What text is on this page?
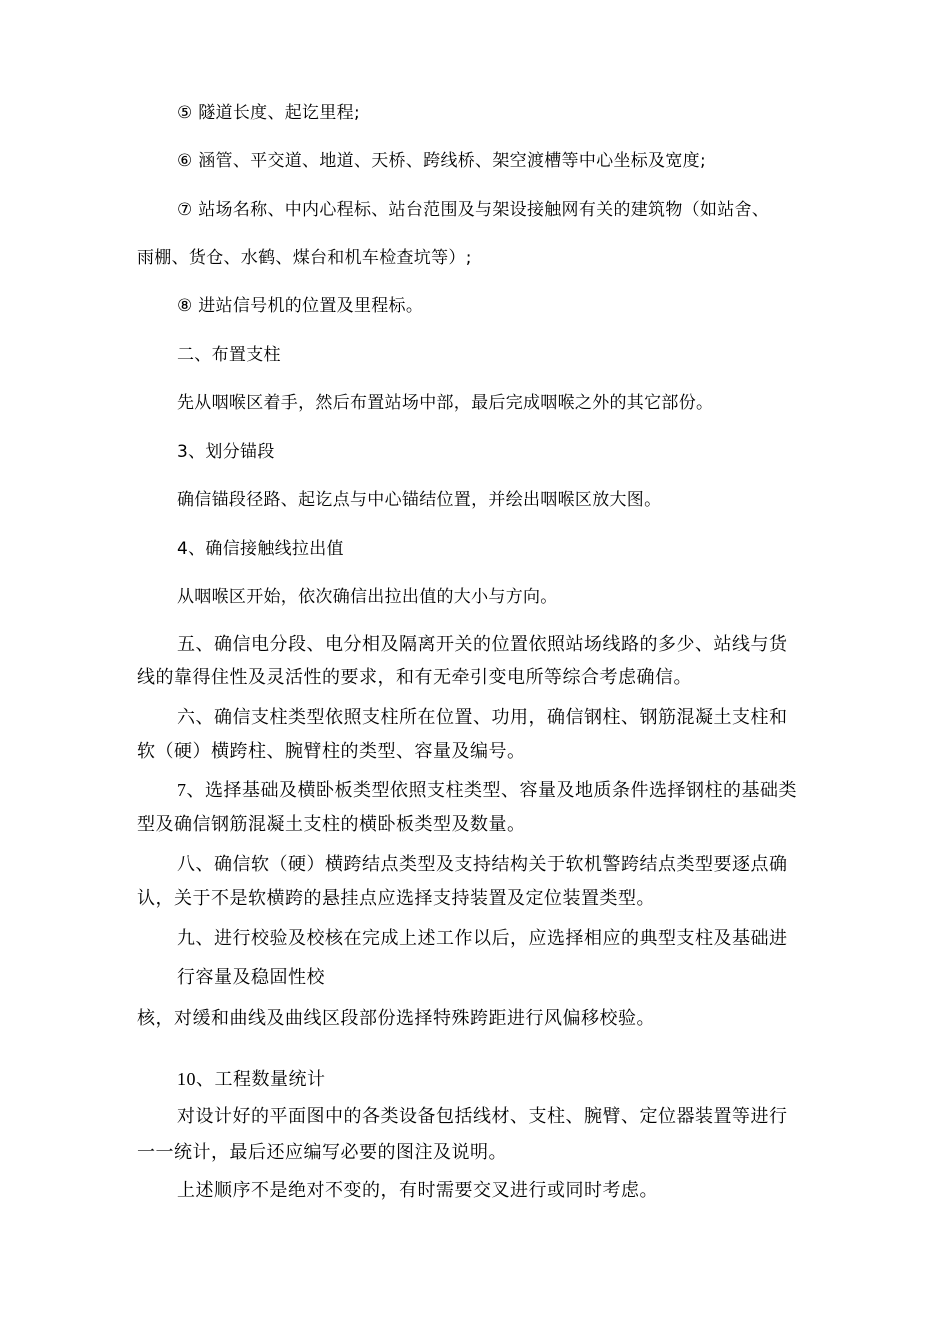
⑤ 隧道长度、起讫里程;
⑥ 涵管、平交道、地道、天桥、跨线桥、架空渡槽等中心坐标及宽度;
⑦ 站场名称、中内心程标、站台范围及与架设接触网有关的建筑物（如站舍、
雨棚、货仓、水鹤、煤台和机车检查坑等）;
⑧ 进站信号机的位置及里程标。
二、布置支柱
先从咽喉区着手，然后布置站场中部，最后完成咽喉之外的其它部份。
3、划分锚段
确信锚段径路、起讫点与中心锚结位置，并绘出咽喉区放大图。
4、确信接触线拉出值
从咽喉区开始，依次确信出拉出值的大小与方向。
五、确信电分段、电分相及隔离开关的位置依照站场线路的多少、站线与货
线的靠得住性及灵活性的要求，和有无牵引变电所等综合考虑确信。
六、确信支柱类型依照支柱所在位置、功用，确信钢柱、钢筋混凝土支柱和
软（硬）横跨柱、腕臂柱的类型、容量及编号。
7、选择基础及横卧板类型依照支柱类型、容量及地质条件选择钢柱的基础类
型及确信钢筋混凝土支柱的横卧板类型及数量。
八、确信软（硬）横跨结点类型及支持结构关于软机警跨结点类型要逐点确
认，关于不是软横跨的悬挂点应选择支持装置及定位装置类型。
九、进行校验及校核在完成上述工作以后，应选择相应的典型支柱及基础进
行容量及稳固性校
核，对缓和曲线及曲线区段部份选择特殊跨距进行风偏移校验。
10、工程数量统计
对设计好的平面图中的各类设备包括线材、支柱、腕臂、定位器装置等进行
一一统计，最后还应编写必要的图注及说明。
上述顺序不是绝对不变的，有时需要交叉进行或同时考虑。
